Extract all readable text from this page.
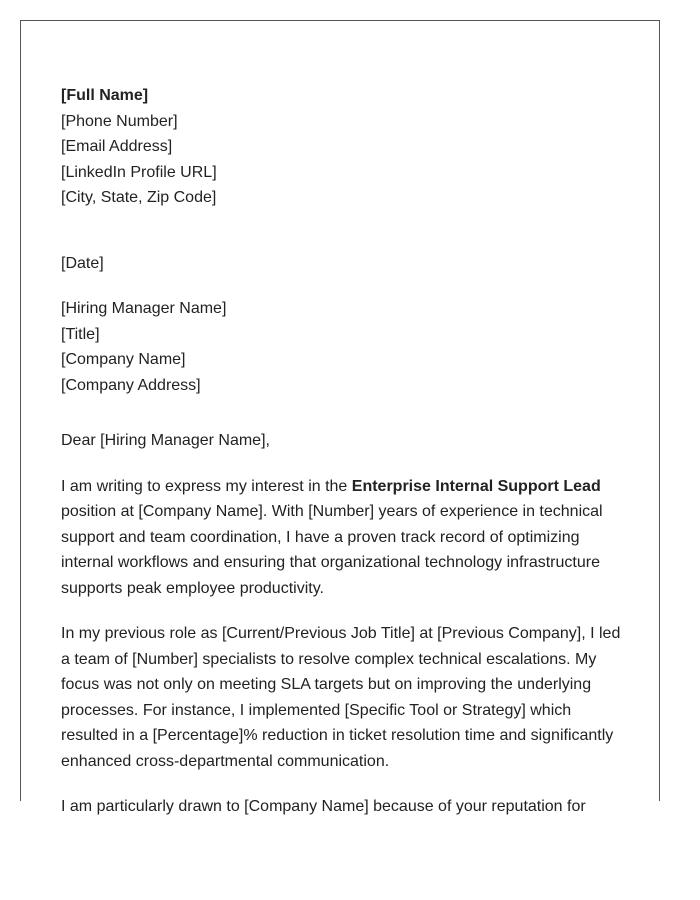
[Full Name]
[Phone Number]
[Email Address]
[LinkedIn Profile URL]
[City, State, Zip Code]
[Date]
[Hiring Manager Name]
[Title]
[Company Name]
[Company Address]

Dear [Hiring Manager Name],

I am writing to express my interest in the Enterprise Internal Support Lead position at [Company Name]. With [Number] years of experience in technical support and team coordination, I have a proven track record of optimizing internal workflows and ensuring that organizational technology infrastructure supports peak employee productivity.

In my previous role as [Current/Previous Job Title] at [Previous Company], I led a team of [Number] specialists to resolve complex technical escalations. My focus was not only on meeting SLA targets but on improving the underlying processes. For instance, I implemented [Specific Tool or Strategy] which resulted in a [Percentage]% reduction in ticket resolution time and significantly enhanced cross-departmental communication.

I am particularly drawn to [Company Name] because of your reputation for
